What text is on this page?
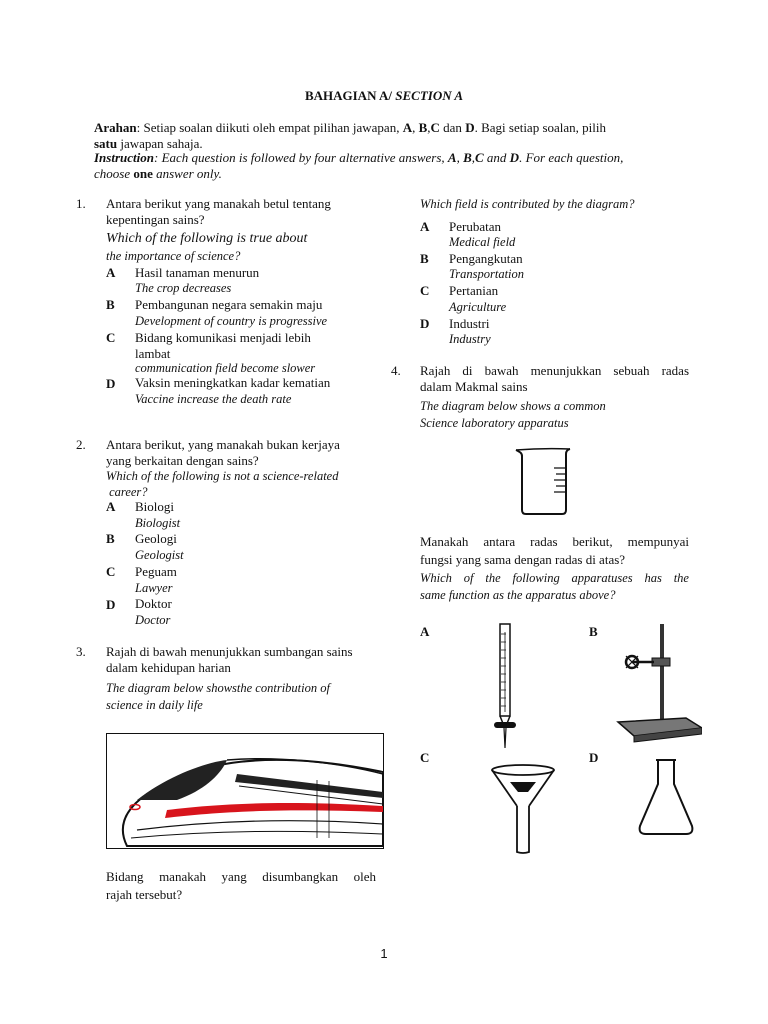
BAHAGIAN A/ SECTION A
Arahan: Setiap soalan diikuti oleh empat pilihan jawapan, A, B,C dan D. Bagi setiap soalan, pilih
satu jawapan sahaja.
Instruction: Each question is followed by four alternative answers, A, B,C and D. For each question,
choose one answer only.
1. Antara berikut yang manakah betul tentang
kepentingan sains?
Which of the following is true about
the importance of science?
A Hasil tanaman menurun
The crop decreases
B Pembangunan negara semakin maju
Development of country is progressive
C Bidang komunikasi menjadi lebih
lambat
communication field become slower
D Vaksin meningkatkan kadar kematian
Vaccine increase the death rate
2. Antara berikut, yang manakah bukan kerjaya
yang berkaitan dengan sains?
Which of the following is not a science-related
career?
A Biologi
Biologist
B Geologi
Geologist
C Peguam
Lawyer
D Doktor
Doctor
3. Rajah di bawah menunjukkan sumbangan sains
dalam kehidupan harian
The diagram below showsthe contribution of
science in daily life
Bidang manakah yang disumbangkan oleh
rajah tersebut?
Which field is contributed by the diagram?
A Perubatan
Medical field
B Pengangkutan
Transportation
C Pertanian
Agriculture
D Industri
Industry
4. Rajah di bawah menunjukkan sebuah radas
dalam Makmal sains
The diagram below shows a common
Science laboratory apparatus
Manakah antara radas berikut, mempunyai
fungsi yang sama dengan radas di atas?
Which of the following apparatuses has the
same function as the apparatus above?
A	B
C	D
1
